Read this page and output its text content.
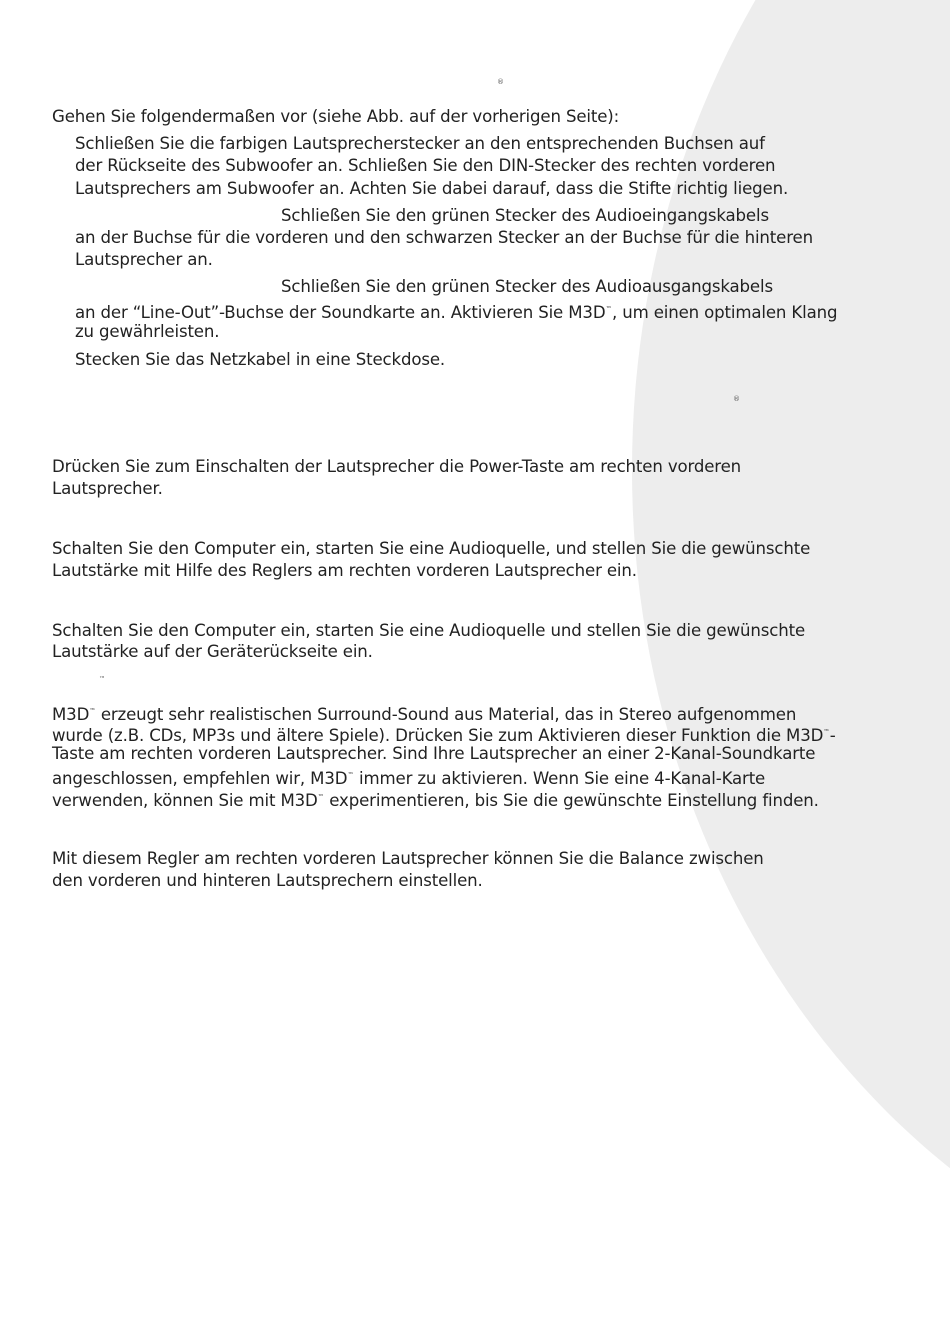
®
Gehen Sie folgendermaßen vor (siehe Abb. auf der vorherigen Seite):
Schließen Sie die farbigen Lautsprecherstecker an den entsprechenden Buchsen auf
der Rückseite des Subwoofer an. Schließen Sie den DIN-Stecker des rechten vorderen
Lautsprechers am Subwoofer an. Achten Sie dabei darauf, dass die Stifte richtig liegen.
Schließen Sie den grünen Stecker des Audioeingangskabels
an der Buchse für die vorderen und den schwarzen Stecker an der Buchse für die hinteren
Lautsprecher an.
Schließen Sie den grünen Stecker des Audioausgangskabels
an der “Line-Out”-Buchse der Soundkarte an. Aktivieren Sie M3D™, um einen optimalen Klang
zu gewährleisten.
Stecken Sie das Netzkabel in eine Steckdose.
®
Drücken Sie zum Einschalten der Lautsprecher die Power-Taste am rechten vorderen
Lautsprecher.
Schalten Sie den Computer ein, starten Sie eine Audioquelle, und stellen Sie die gewünschte
Lautstärke mit Hilfe des Reglers am rechten vorderen Lautsprecher ein.
Schalten Sie den Computer ein, starten Sie eine Audioquelle und stellen Sie die gewünschte
Lautstärke auf der Geräterückseite ein.
™
M3D™ erzeugt sehr realistischen Surround-Sound aus Material, das in Stereo aufgenommen
wurde (z.B. CDs, MP3s und ältere Spiele). Drücken Sie zum Aktivieren dieser Funktion die M3D™-
Taste am rechten vorderen Lautsprecher. Sind Ihre Lautsprecher an einer 2-Kanal-Soundkarte
angeschlossen, empfehlen wir, M3D™ immer zu aktivieren. Wenn Sie eine 4-Kanal-Karte
verwenden, können Sie mit M3D™ experimentieren, bis Sie die gewünschte Einstellung finden.
Mit diesem Regler am rechten vorderen Lautsprecher können Sie die Balance zwischen
den vorderen und hinteren Lautsprechern einstellen.
